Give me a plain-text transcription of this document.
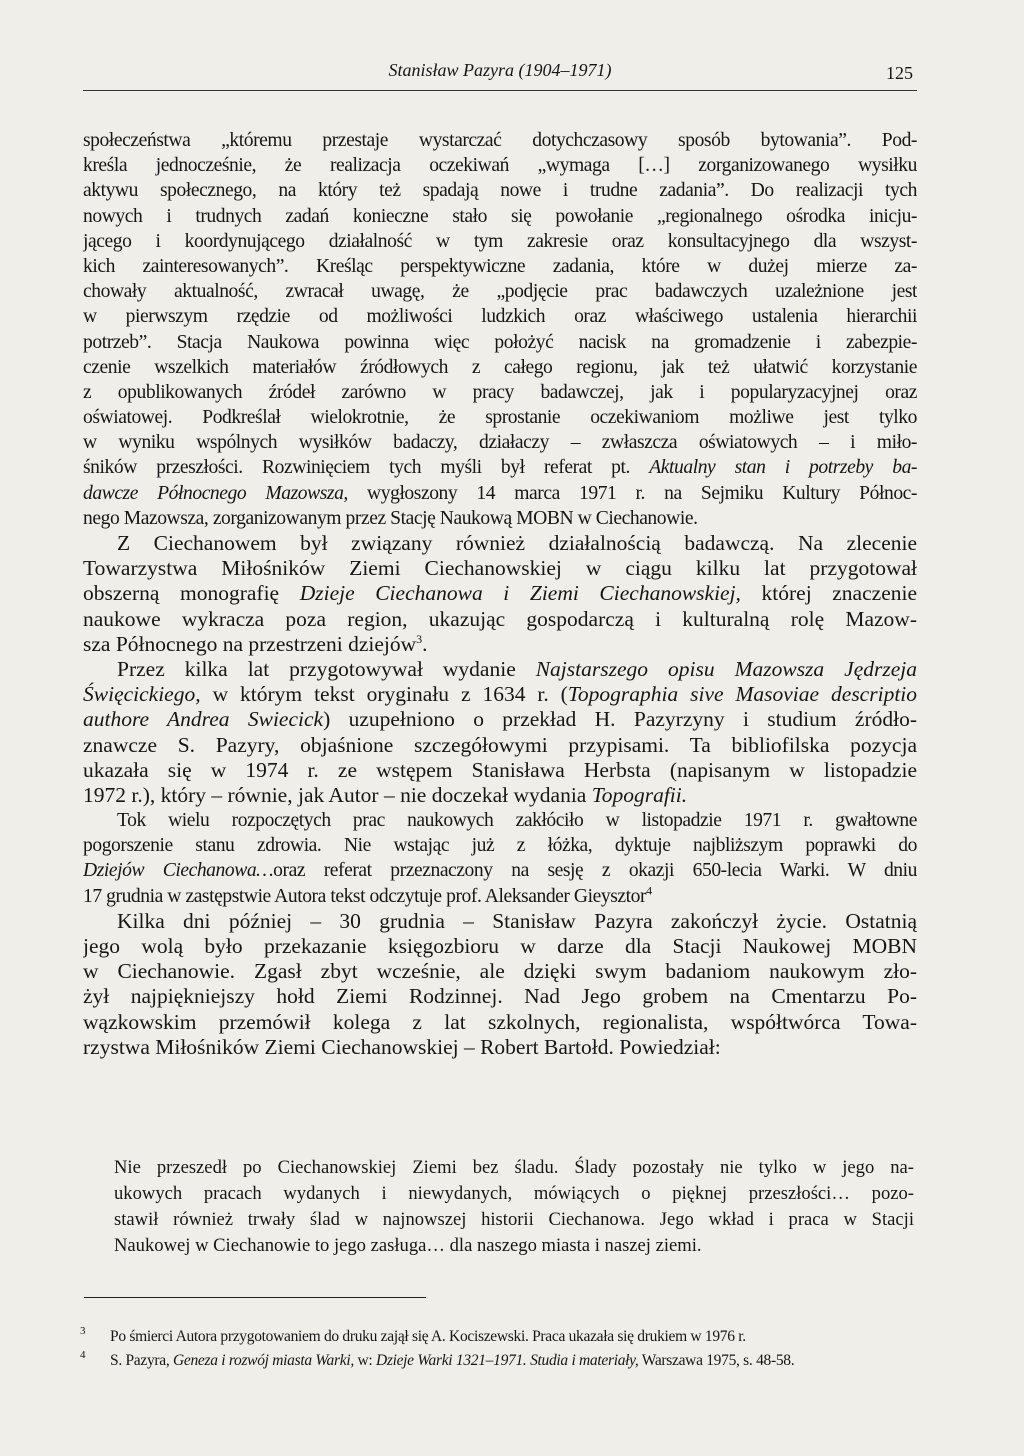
Stanisław Pazyra (1904–1971)	125
społeczeństwa „któremu przestaje wystarczać dotychczasowy sposób bytowania”. Pod-
kreśla jednocześnie, że realizacja oczekiwań „wymaga […] zorganizowanego wysiłku
aktywu społecznego, na który też spadają nowe i trudne zadania”. Do realizacji tych
nowych i trudnych zadań konieczne stało się powołanie „regionalnego ośrodka inicju-
jącego i koordynującego działalność w tym zakresie oraz konsultacyjnego dla wszyst-
kich zainteresowanych”. Kreśląc perspektywiczne zadania, które w dużej mierze za-
chowały aktualność, zwracał uwagę, że „podjęcie prac badawczych uzależnione jest
w pierwszym rzędzie od możliwości ludzkich oraz właściwego ustalenia hierarchii
potrzeb”. Stacja Naukowa powinna więc położyć nacisk na gromadzenie i zabezpie-
czenie wszelkich materiałów źródłowych z całego regionu, jak też ułatwić korzystanie
z opublikowanych źródeł zarówno w pracy badawczej, jak i popularyzacyjnej oraz
oświatowej. Podkreślał wielokrotnie, że sprostanie oczekiwaniom możliwe jest tylko
w wyniku wspólnych wysiłków badaczy, działaczy – zwłaszcza oświatowych – i miło-
śników przeszłości. Rozwinięciem tych myśli był referat pt. Aktualny stan i potrzeby ba-
dawcze Północnego Mazowsza, wygłoszony 14 marca 1971 r. na Sejmiku Kultury Północ-
nego Mazowsza, zorganizowanym przez Stację Naukową MOBN w Ciechanowie.
Z Ciechanowem był związany również działalnością badawczą. Na zlecenie
Towarzystwa Miłośników Ziemi Ciechanowskiej w ciągu kilku lat przygotował
obszerną monografię Dzieje Ciechanowa i Ziemi Ciechanowskiej, której znaczenie
naukowe wykracza poza region, ukazując gospodarczą i kulturalną rolę Mazow-
sza Północnego na przestrzeni dziejów$^3$.
Przez kilka lat przygotowywał wydanie Najstarszego opisu Mazowsza Jędrzeja
Święcickiego, w którym tekst oryginału z 1634 r. (Topographia sive Masoviae descriptio
authore Andrea Swiecick) uzupełniono o przekład H. Pazyrzyny i studium źródło-
znawcze S. Pazyry, objaśnione szczegółowymi przypisami. Ta bibliofilska pozycja
ukazała się w 1974 r. ze wstępem Stanisława Herbsta (napisanym w listopadzie
1972 r.), który – równie, jak Autor – nie doczekał wydania Topografii.
Tok wielu rozpoczętych prac naukowych zakłóciło w listopadzie 1971 r. gwałtowne
pogorszenie stanu zdrowia. Nie wstając już z łóżka, dyktuje najbliższym poprawki do
Dziejów Ciechanowa…oraz referat przeznaczony na sesję z okazji 650-lecia Warki. W dniu
17 grudnia w zastępstwie Autora tekst odczytuje prof. Aleksander Gieysztor$^4$
Kilka dni później – 30 grudnia – Stanisław Pazyra zakończył życie. Ostatnią
jego wolą było przekazanie księgozbioru w darze dla Stacji Naukowej MOBN
w Ciechanowie. Zgasł zbyt wcześnie, ale dzięki swym badaniom naukowym zło-
żył najpiękniejszy hołd Ziemi Rodzinnej. Nad Jego grobem na Cmentarzu Po-
wązkowskim przemówił kolega z lat szkolnych, regionalista, współtwórca Towa-
rzystwa Miłośników Ziemi Ciechanowskiej – Robert Bartołd. Powiedział:
Nie przeszedł po Ciechanowskiej Ziemi bez śladu. Ślady pozostały nie tylko w jego na-
ukowych pracach wydanych i niewydanych, mówiących o pięknej przeszłości… pozo-
stawił również trwały ślad w najnowszej historii Ciechanowa. Jego wkład i praca w Stacji
Naukowej w Ciechanowie to jego zasługa… dla naszego miasta i naszej ziemi.
3 Po śmierci Autora przygotowaniem do druku zajął się A. Kociszewski. Praca ukazała się drukiem w 1976 r.
4 S. Pazyra, Geneza i rozwój miasta Warki, w: Dzieje Warki 1321–1971. Studia i materiały, Warszawa 1975, s. 48-58.
